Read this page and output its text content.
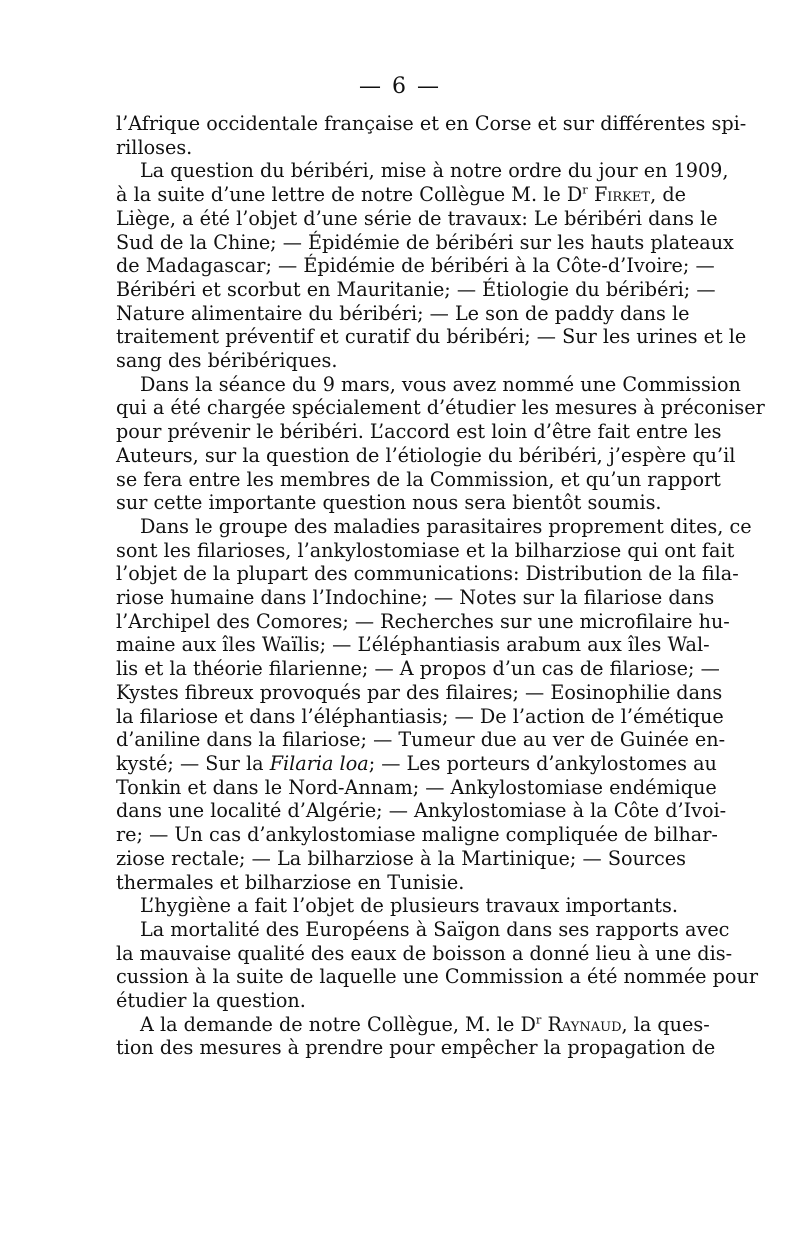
— 6 —
l’Afrique occidentale française et en Corse et sur différentes spi-
rilloses.
La question du béribéri, mise à notre ordre du jour en 1909,
à la suite d’une lettre de notre Collègue M. le $D^r$ Firket, de
Liège, a été l’objet d’une série de travaux: Le béribéri dans le
Sud de la Chine; — Épidémie de béribéri sur les hauts plateaux
de Madagascar; — Épidémie de béribéri à la Côte-d’Ivoire; —
Béribéri et scorbut en Mauritanie; — Étiologie du béribéri; —
Nature alimentaire du béribéri; — Le son de paddy dans le
traitement préventif et curatif du béribéri; — Sur les urines et le
sang des béribériques.
Dans la séance du 9 mars, vous avez nommé une Commission
qui a été chargée spécialement d’étudier les mesures à préconiser
pour prévenir le béribéri. L’accord est loin d’être fait entre les
Auteurs, sur la question de l’étiologie du béribéri, j’espère qu’il
se fera entre les membres de la Commission, et qu’un rapport
sur cette importante question nous sera bientôt soumis.
Dans le groupe des maladies parasitaires proprement dites, ce
sont les filarioses, l’ankylostomiase et la bilharziose qui ont fait
l’objet de la plupart des communications: Distribution de la fila-
riose humaine dans l’Indochine; — Notes sur la filariose dans
l’Archipel des Comores; — Recherches sur une microfilaire hu-
maine aux îles Waïlis; — L’éléphantiasis arabum aux îles Wal-
lis et la théorie filarienne; — A propos d’un cas de filariose; —
Kystes fibreux provoqués par des filaires; — Eosinophilie dans
la filariose et dans l’éléphantiasis; — De l’action de l’émétique
d’aniline dans la filariose; — Tumeur due au ver de Guinée en-
kysté; — Sur la Filaria loa; — Les porteurs d’ankylostomes au
Tonkin et dans le Nord-Annam; — Ankylostomiase endémique
dans une localité d’Algérie; — Ankylostomiase à la Côte d’Ivoi-
re; — Un cas d’ankylostomiase maligne compliquée de bilhar-
ziose rectale; — La bilharziose à la Martinique; — Sources
thermales et bilharziose en Tunisie.
L’hygiène a fait l’objet de plusieurs travaux importants.
La mortalité des Européens à Saïgon dans ses rapports avec
la mauvaise qualité des eaux de boisson a donné lieu à une dis-
cussion à la suite de laquelle une Commission a été nommée pour
étudier la question.
A la demande de notre Collègue, M. le $D^r$ Raynaud, la ques-
tion des mesures à prendre pour empêcher la propagation de
